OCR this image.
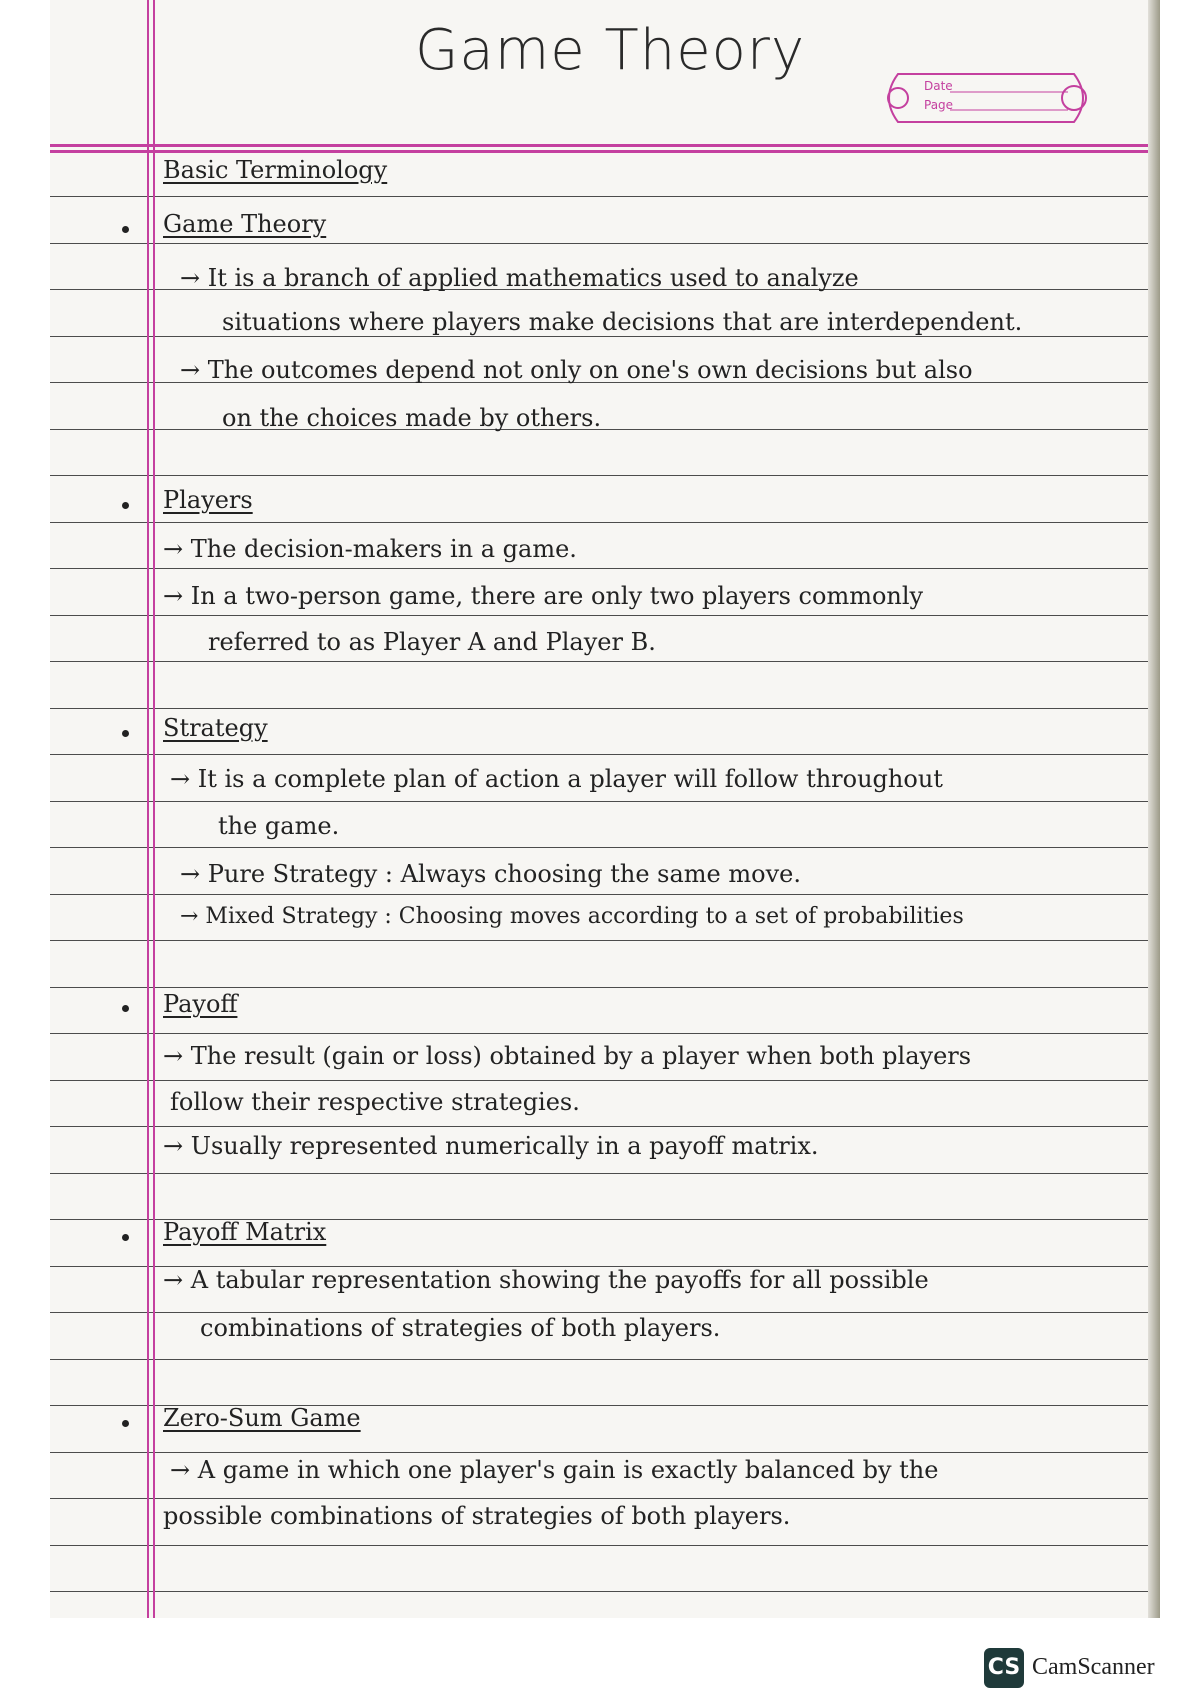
Game Theory
Date
Page
Basic Terminology
Game Theory
→ It is a branch of applied mathematics used to analyze
situations where players make decisions that are interdependent.
→ The outcomes depend not only on one's own decisions but also
on the choices made by others.
Players
→ The decision-makers in a game.
→ In a two-person game, there are only two players commonly
referred to as Player A and Player B.
Strategy
→ It is a complete plan of action a player will follow throughout
the game.
→ Pure Strategy : Always choosing the same move.
→ Mixed Strategy : Choosing moves according to a set of probabilities
Payoff
→ The result (gain or loss) obtained by a player when both players
follow their respective strategies.
→ Usually represented numerically in a payoff matrix.
Payoff Matrix
→ A tabular representation showing the payoffs for all possible
combinations of strategies of both players.
Zero-Sum Game
→ A game in which one player's gain is exactly balanced by the
possible combinations of strategies of both players.
CS CamScanner
